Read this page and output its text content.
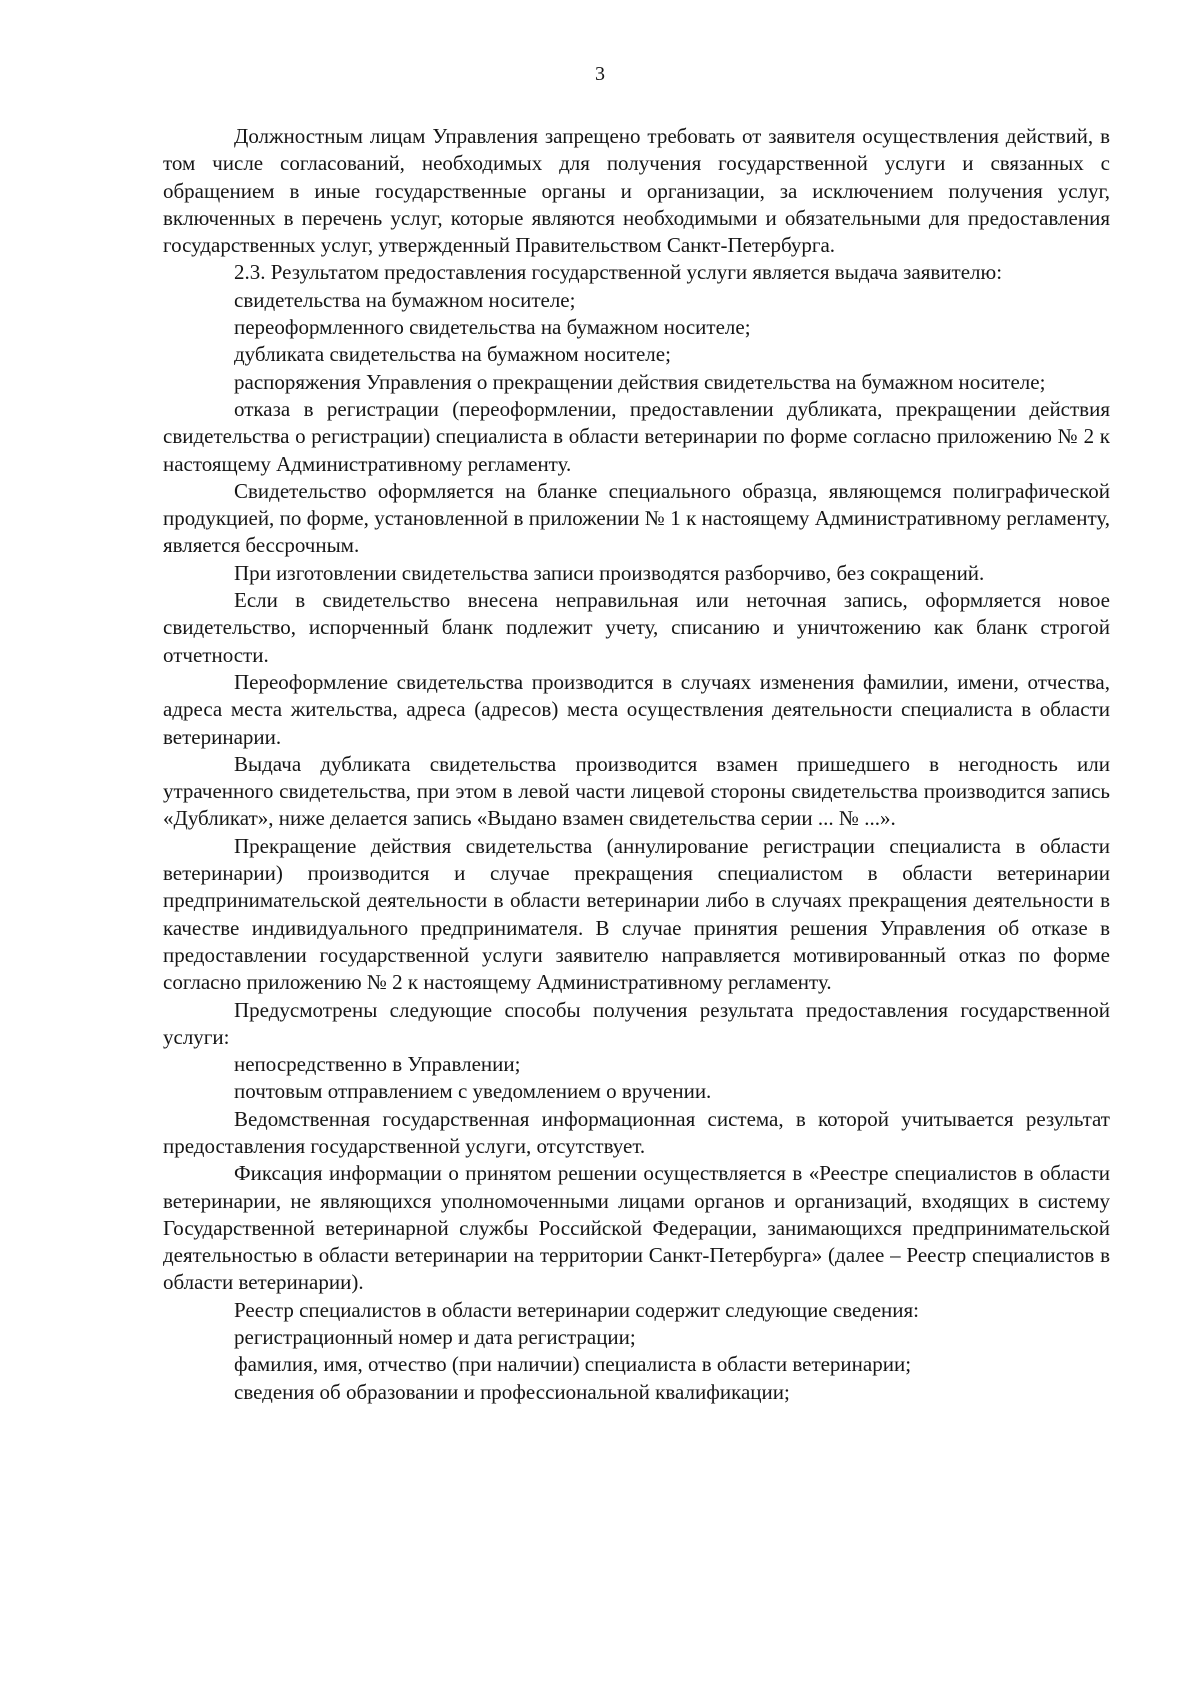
3

Должностным лицам Управления запрещено требовать от заявителя осуществления действий, в том числе согласований, необходимых для получения государственной услуги и связанных с обращением в иные государственные органы и организации, за исключением получения услуг, включенных в перечень услуг, которые являются необходимыми и обязательными для предоставления государственных услуг, утвержденный Правительством Санкт-Петербурга.

2.3. Результатом предоставления государственной услуги является выдача заявителю:

свидетельства на бумажном носителе;

переоформленного свидетельства на бумажном носителе;

дубликата свидетельства на бумажном носителе;

распоряжения Управления о прекращении действия свидетельства на бумажном носителе;

отказа в регистрации (переоформлении, предоставлении дубликата, прекращении действия свидетельства о регистрации) специалиста в области ветеринарии по форме согласно приложению № 2 к настоящему Административному регламенту.

Свидетельство оформляется на бланке специального образца, являющемся полиграфической продукцией, по форме, установленной в приложении № 1 к настоящему Административному регламенту, является бессрочным.

При изготовлении свидетельства записи производятся разборчиво, без сокращений.

Если в свидетельство внесена неправильная или неточная запись, оформляется новое свидетельство, испорченный бланк подлежит учету, списанию и уничтожению как бланк строгой отчетности.

Переоформление свидетельства производится в случаях изменения фамилии, имени, отчества, адреса места жительства, адреса (адресов) места осуществления деятельности специалиста в области ветеринарии.

Выдача дубликата свидетельства производится взамен пришедшего в негодность или утраченного свидетельства, при этом в левой части лицевой стороны свидетельства производится запись «Дубликат», ниже делается запись «Выдано взамен свидетельства серии ... № ...».

Прекращение действия свидетельства (аннулирование регистрации специалиста в области ветеринарии) производится и случае прекращения специалистом в области ветеринарии предпринимательской деятельности в области ветеринарии либо в случаях прекращения деятельности в качестве индивидуального предпринимателя. В случае принятия решения Управления об отказе в предоставлении государственной услуги заявителю направляется мотивированный отказ по форме согласно приложению № 2 к настоящему Административному регламенту.

Предусмотрены следующие способы получения результата предоставления государственной услуги:

непосредственно в Управлении;

почтовым отправлением с уведомлением о вручении.

Ведомственная государственная информационная система, в которой учитывается результат предоставления государственной услуги, отсутствует.

Фиксация информации о принятом решении осуществляется в «Реестре специалистов в области ветеринарии, не являющихся уполномоченными лицами органов и организаций, входящих в систему Государственной ветеринарной службы Российской Федерации, занимающихся предпринимательской деятельностью в области ветеринарии на территории Санкт-Петербурга» (далее – Реестр специалистов в области ветеринарии).

Реестр специалистов в области ветеринарии содержит следующие сведения:

регистрационный номер и дата регистрации;

фамилия, имя, отчество (при наличии) специалиста в области ветеринарии;

сведения об образовании и профессиональной квалификации;
